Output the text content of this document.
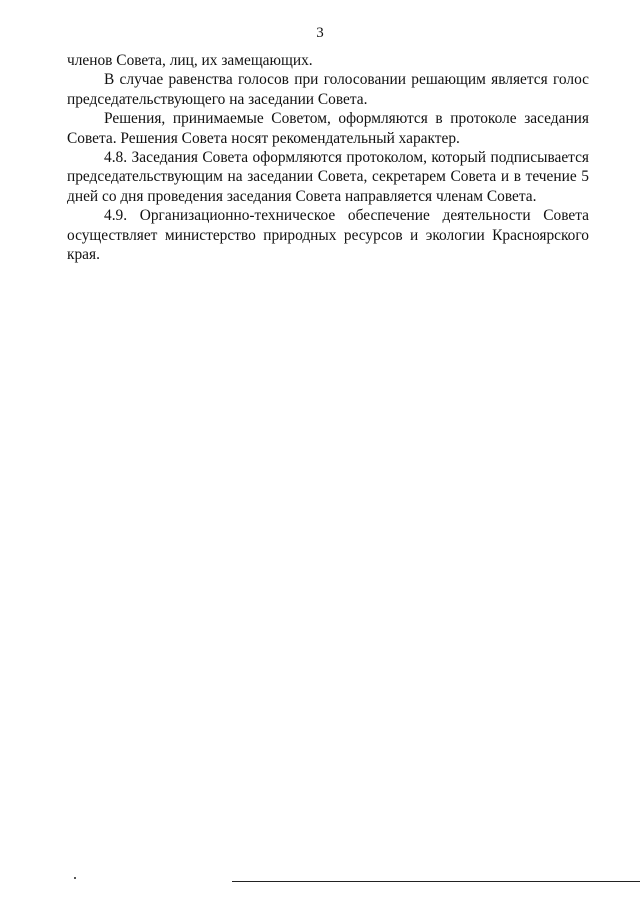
3

членов Совета, лиц, их замещающих.

В случае равенства голосов при голосовании решающим является голос председательствующего на заседании Совета.

Решения, принимаемые Советом, оформляются в протоколе заседания Совета. Решения Совета носят рекомендательный характер.

4.8. Заседания Совета оформляются протоколом, который подписывается председательствующим на заседании Совета, секретарем Совета и в течение 5 дней со дня проведения заседания Совета направляется членам Совета.

4.9. Организационно-техническое обеспечение деятельности Совета осуществляет министерство природных ресурсов и экологии Красноярского края.
